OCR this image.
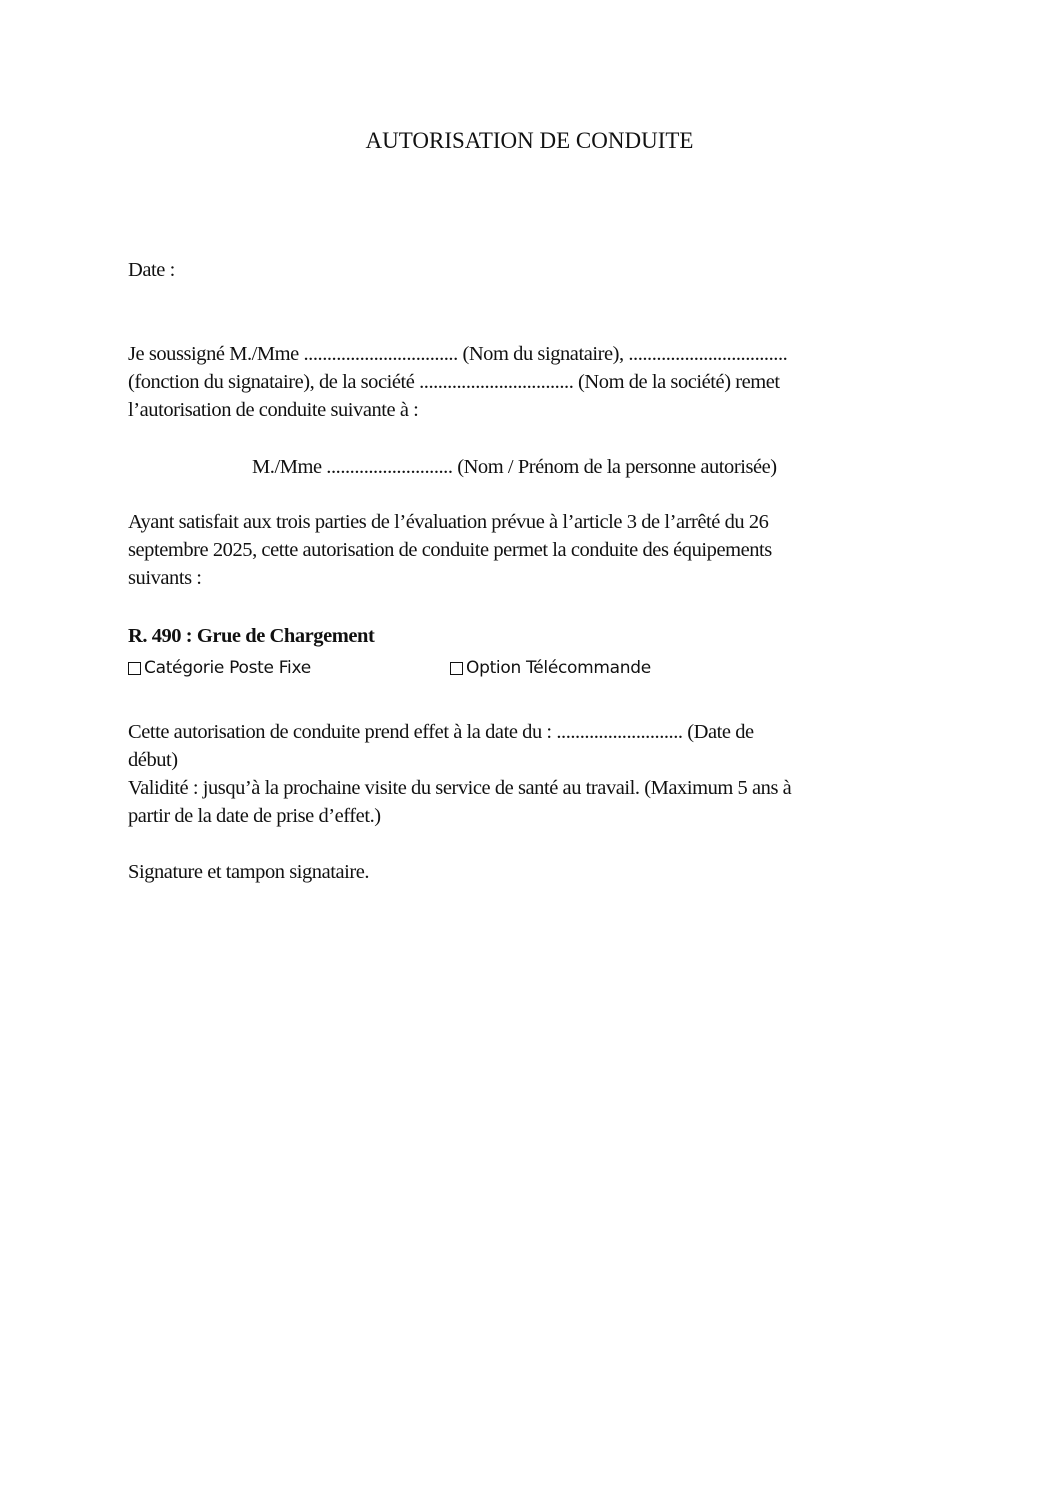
AUTORISATION DE CONDUITE
Date :
Je soussigné M./Mme ................................. (Nom du signataire), ..................................
(fonction du signataire), de la société ................................. (Nom de la société) remet
l’autorisation de conduite suivante à :
M./Mme ........................... (Nom / Prénom de la personne autorisée)
Ayant satisfait aux trois parties de l’évaluation prévue à l’article 3 de l’arrêté du 26
septembre 2025, cette autorisation de conduite permet la conduite des équipements
suivants :
R. 490 : Grue de Chargement
Catégorie Poste Fixe	Option Télécommande
Cette autorisation de conduite prend effet à la date du : ........................... (Date de
début)
Validité : jusqu’à la prochaine visite du service de santé au travail. (Maximum 5 ans à
partir de la date de prise d’effet.)
Signature et tampon signataire.
